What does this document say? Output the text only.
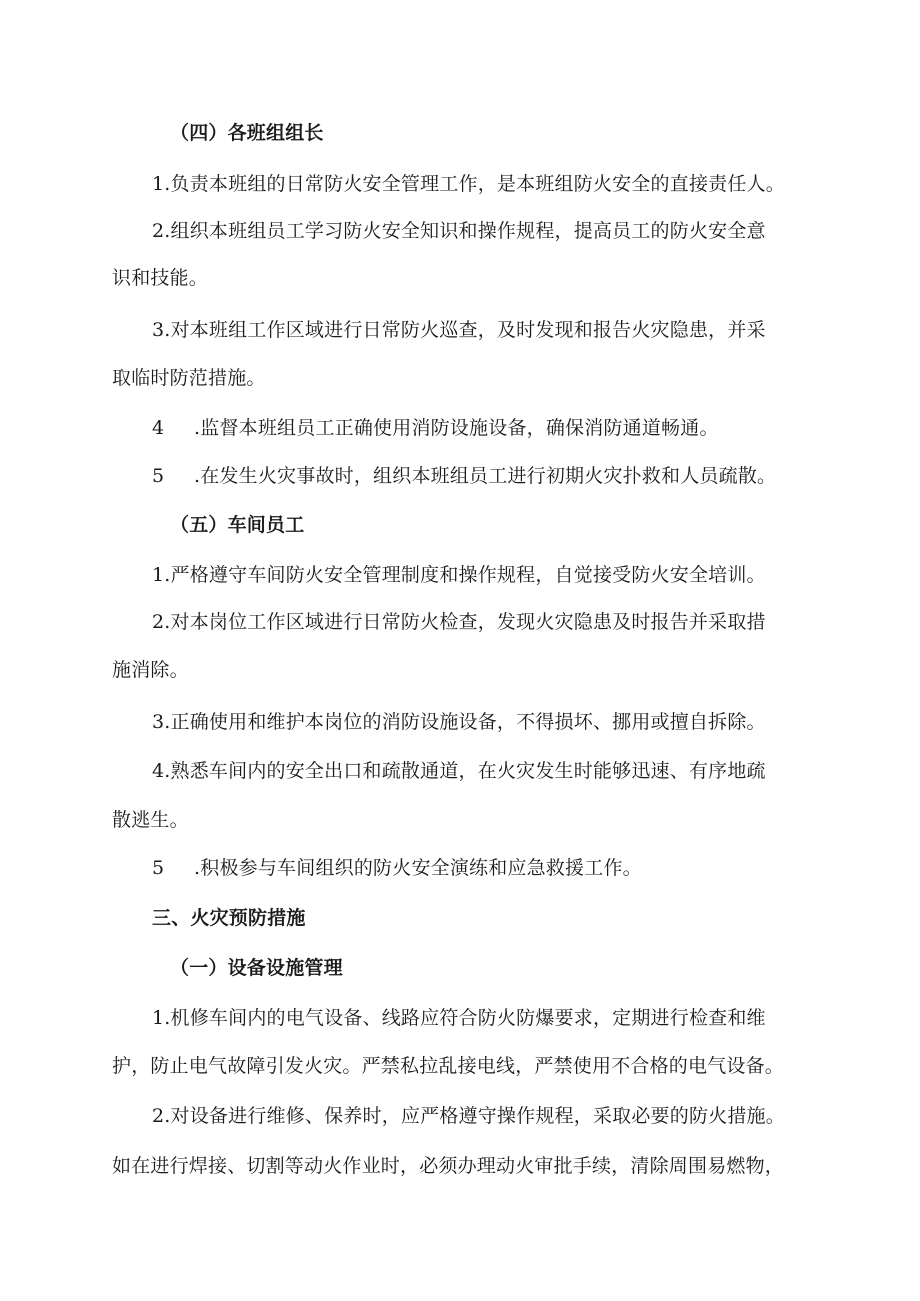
（四）各班组组长
1.负责本班组的日常防火安全管理工作，是本班组防火安全的直接责任人。
2.组织本班组员工学习防火安全知识和操作规程，提高员工的防火安全意
识和技能。
3.对本班组工作区域进行日常防火巡查，及时发现和报告火灾隐患，并采
取临时防范措施。
4 .监督本班组员工正确使用消防设施设备，确保消防通道畅通。
5 .在发生火灾事故时，组织本班组员工进行初期火灾扑救和人员疏散。
（五）车间员工
1.严格遵守车间防火安全管理制度和操作规程，自觉接受防火安全培训。
2.对本岗位工作区域进行日常防火检查，发现火灾隐患及时报告并采取措
施消除。
3.正确使用和维护本岗位的消防设施设备，不得损坏、挪用或擅自拆除。
4.熟悉车间内的安全出口和疏散通道，在火灾发生时能够迅速、有序地疏
散逃生。
5 .积极参与车间组织的防火安全演练和应急救援工作。
三、火灾预防措施
（一）设备设施管理
1.机修车间内的电气设备、线路应符合防火防爆要求，定期进行检查和维
护，防止电气故障引发火灾。严禁私拉乱接电线，严禁使用不合格的电气设备。
2.对设备进行维修、保养时，应严格遵守操作规程，采取必要的防火措施。
如在进行焊接、切割等动火作业时，必须办理动火审批手续，清除周围易燃物，
